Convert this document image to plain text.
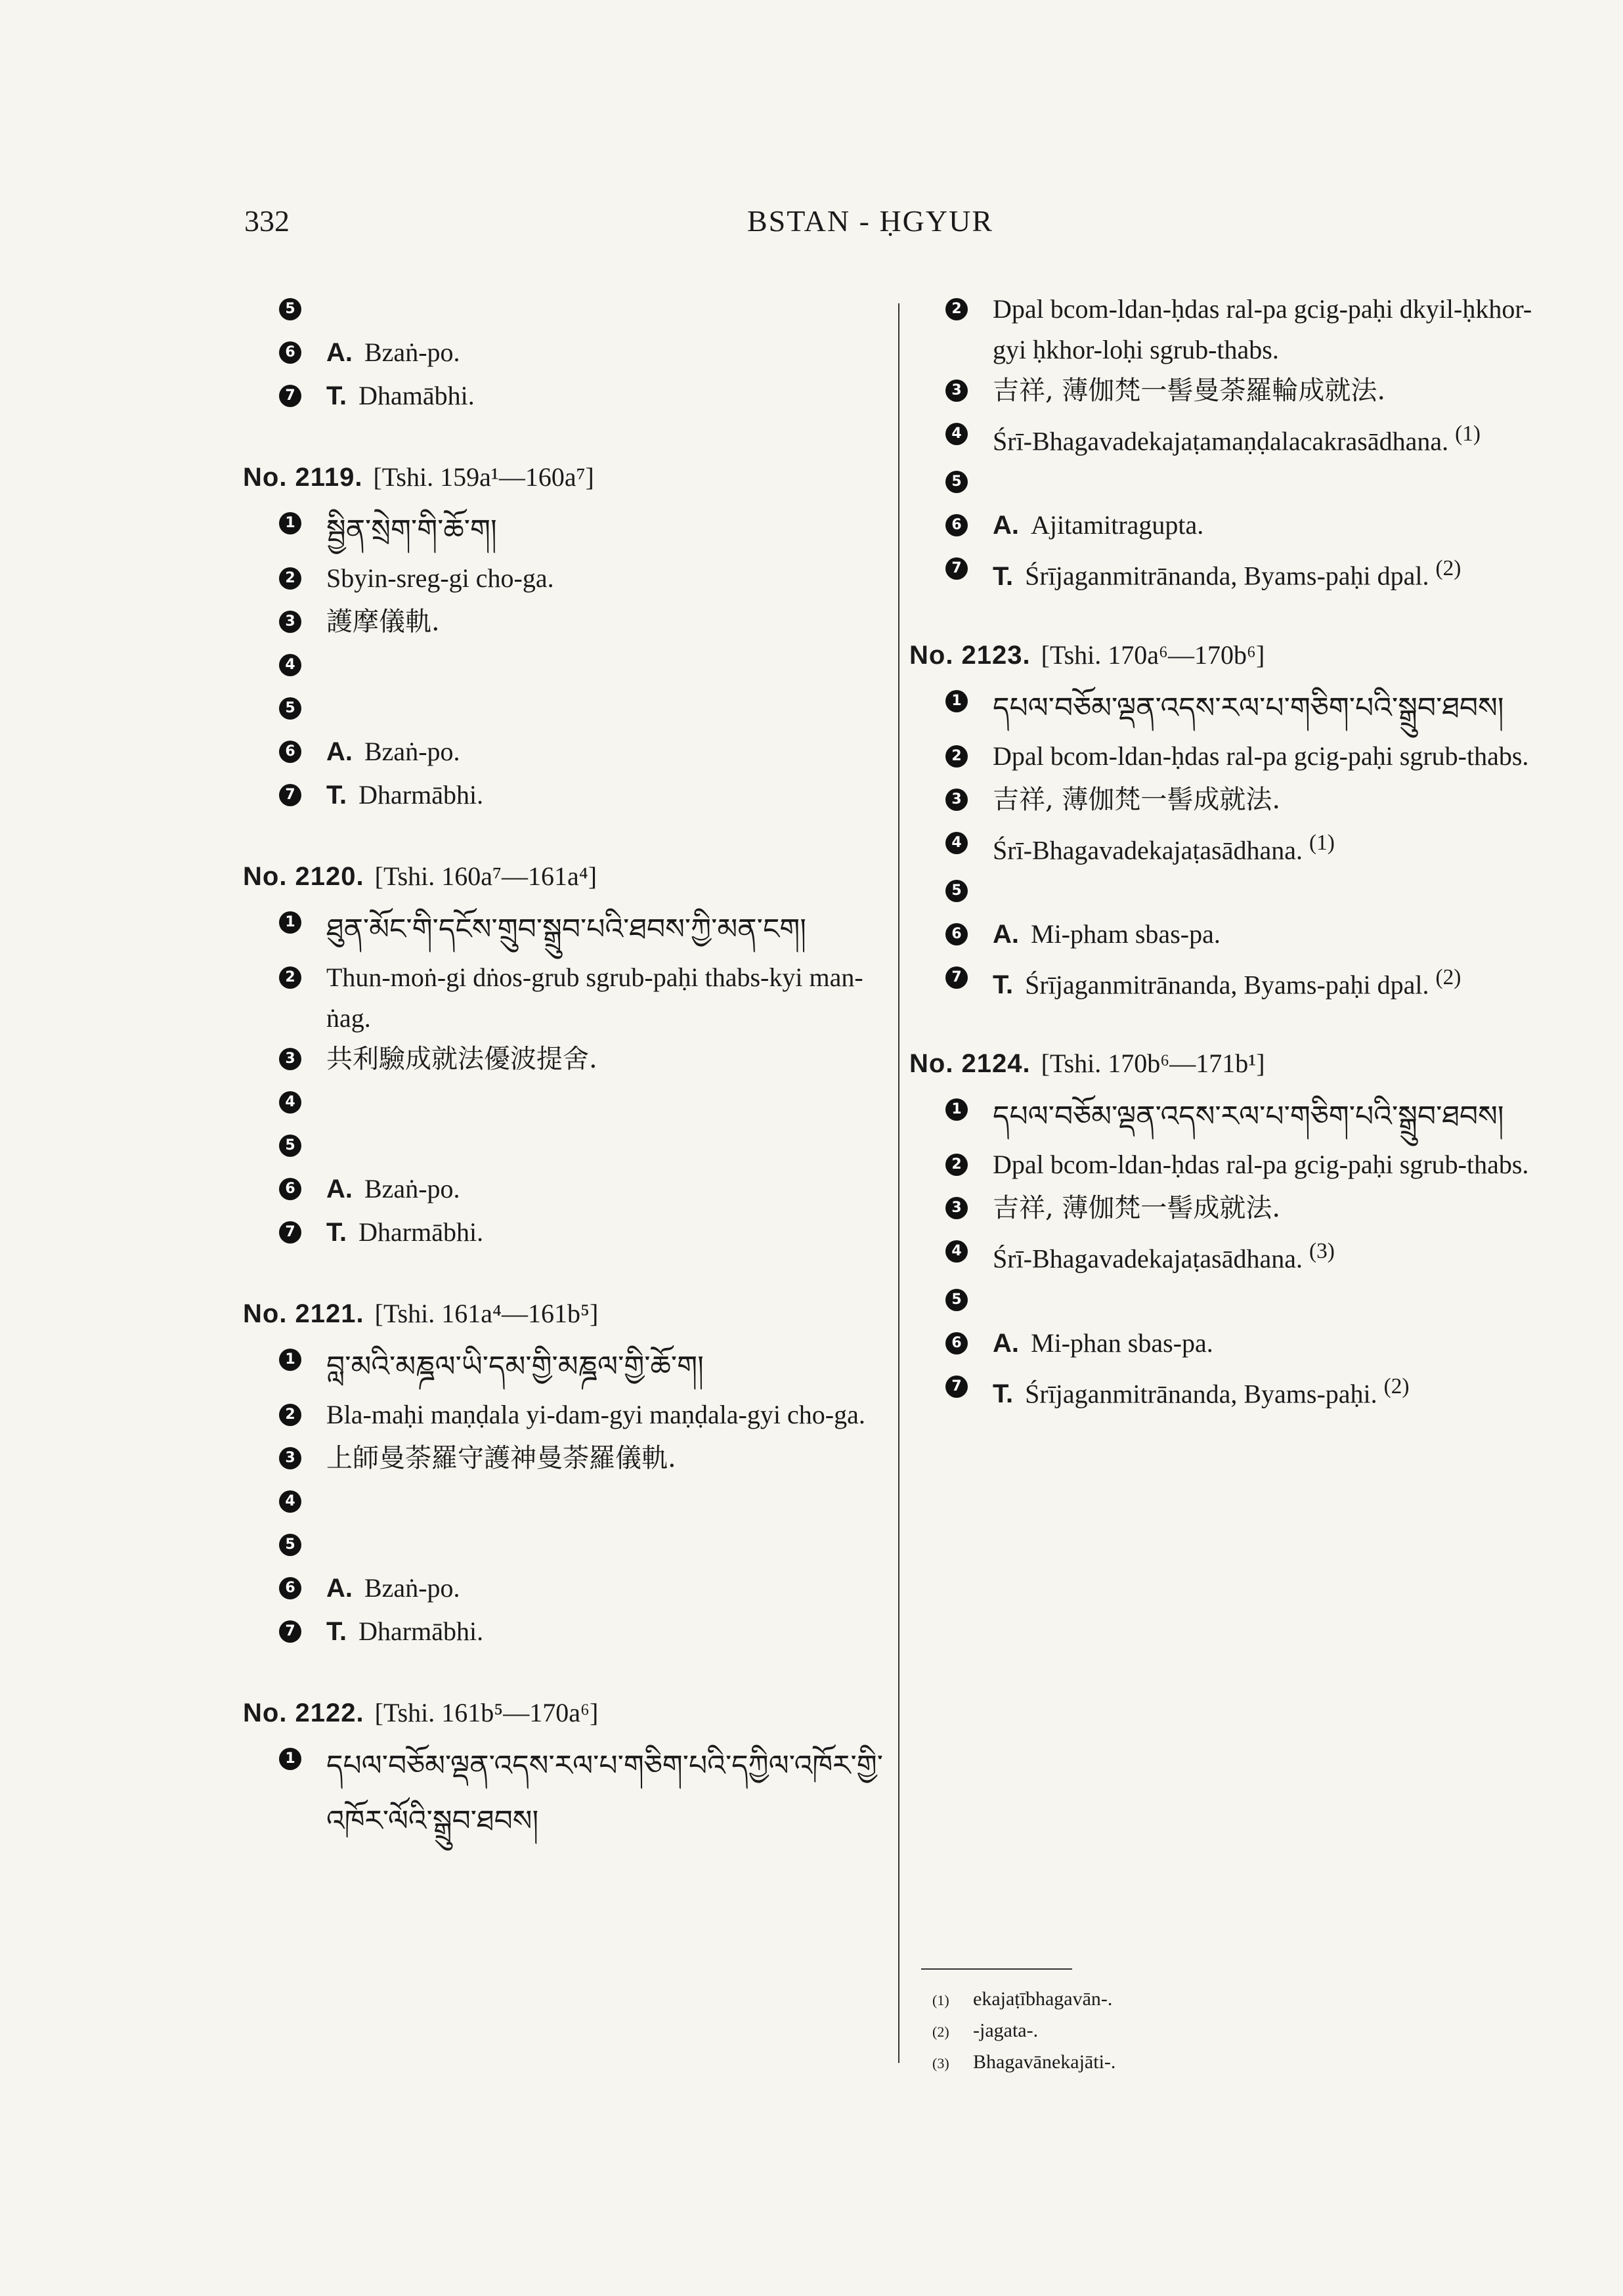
332	BSTAN - ḤGYUR
5
6 A. Bzaṅ-po.
7 T. Dhamābhi.
No. 2119. [Tshi. 159a¹—160a⁷]
1 སྦྱིན་སྲེག་གི་ཆོ་ག།
2 Sbyin-sreg-gi cho-ga.
3 護摩儀軌.
4
5
6 A. Bzaṅ-po.
7 T. Dharmābhi.
No. 2120. [Tshi. 160a⁷—161a⁴]
1 ཐུན་མོང་གི་དངོས་གྲུབ་སྒྲུབ་པའི་ཐབས་ཀྱི་མན་ངག།
2 Thun-moṅ-gi dṅos-grub sgrub-paḥi thabs-kyi man-ṅag.
3 共利驗成就法優波提舍.
4
5
6 A. Bzaṅ-po.
7 T. Dharmābhi.
No. 2121. [Tshi. 161a⁴—161b⁵]
1 བླ་མའི་མཎྜལ་ཡི་དམ་གྱི་མཎྜལ་གྱི་ཆོ་ག།
2 Bla-maḥi maṇḍala yi-dam-gyi maṇḍala-gyi cho-ga.
3 上師曼荼羅守護神曼荼羅儀軌.
4
5
6 A. Bzaṅ-po.
7 T. Dharmābhi.
No. 2122. [Tshi. 161b⁵—170a⁶]
1 དཔལ་བཅོམ་ལྡན་འདས་རལ་པ་གཅིག་པའི་དཀྱིལ་འཁོར་གྱི་འཁོར་ལོའི་སྒྲུབ་ཐབས།
2 Dpal bcom-ldan-ḥdas ral-pa gcig-paḥi dkyil-ḥkhor-gyi ḥkhor-loḥi sgrub-thabs.
3 吉祥, 薄伽梵一髻曼荼羅輪成就法.
4 Śrī-Bhagavadekajaṭamaṇḍalacakrasādhana. $^{(1)}$
5
6 A. Ajitamitragupta.
7 T. Śrījaganmitrānanda, Byams-paḥi dpal. $^{(2)}$
No. 2123. [Tshi. 170a⁶—170b⁶]
1 དཔལ་བཅོམ་ལྡན་འདས་རལ་པ་གཅིག་པའི་སྒྲུབ་ཐབས།
2 Dpal bcom-ldan-ḥdas ral-pa gcig-paḥi sgrub-thabs.
3 吉祥, 薄伽梵一髻成就法.
4 Śrī-Bhagavadekajaṭasādhana. $^{(1)}$
5
6 A. Mi-pham sbas-pa.
7 T. Śrījaganmitrānanda, Byams-paḥi dpal. $^{(2)}$
No. 2124. [Tshi. 170b⁶—171b¹]
1 དཔལ་བཅོམ་ལྡན་འདས་རལ་པ་གཅིག་པའི་སྒྲུབ་ཐབས།
2 Dpal bcom-ldan-ḥdas ral-pa gcig-paḥi sgrub-thabs.
3 吉祥, 薄伽梵一髻成就法.
4 Śrī-Bhagavadekajaṭasādhana. $^{(3)}$
5
6 A. Mi-phan sbas-pa.
7 T. Śrījaganmitrānanda, Byams-paḥi. $^{(2)}$
(1) ekajaṭībhagavān-.
(2) -jagata-.
(3) Bhagavānekajāti-.
